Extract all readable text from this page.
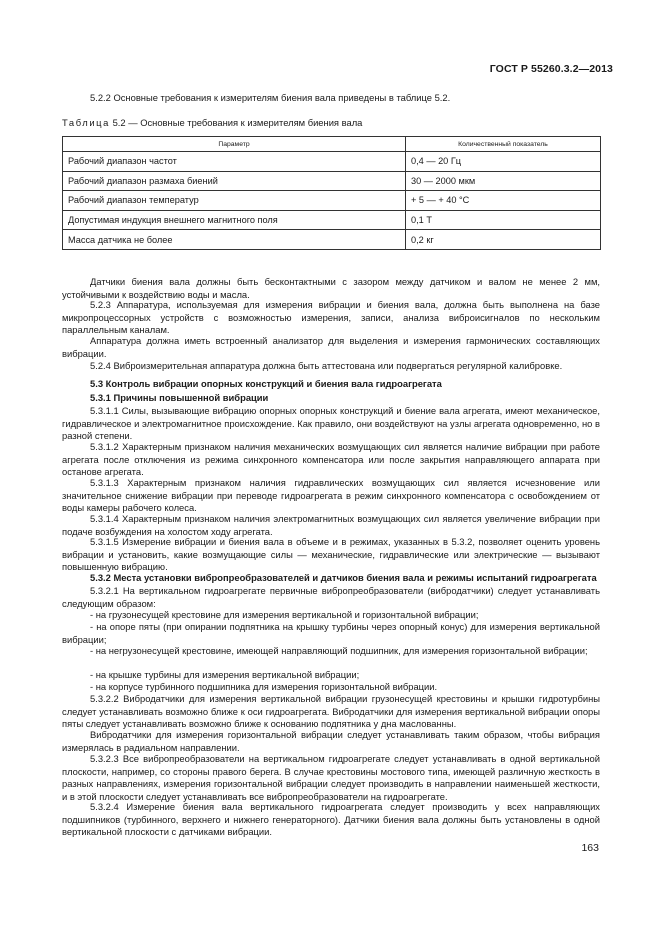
ГОСТ Р 55260.3.2—2013
5.2.2 Основные требования к измерителям биения вала приведены в таблице 5.2.
Таблица 5.2 — Основные требования к измерителям биения вала
Параметр	Количественный показатель
Рабочий диапазон частот	0,4 — 20 Гц
Рабочий диапазон размаха биений	30 — 2000 мкм
Рабочий диапазон температур	+ 5 — + 40 °С
Допустимая индукция внешнего магнитного поля	0,1 Т
Масса датчика не более	0,2 кг
Датчики биения вала должны быть бесконтактными с зазором между датчиком и валом не менее 2 мм, устойчивыми к воздействию воды и масла.
5.2.3 Аппаратура, используемая для измерения вибрации и биения вала, должна быть выполнена на базе микропроцессорных устройств с возможностью измерения, записи, анализа виброисигналов по нескольким параллельным каналам.
Аппаратура должна иметь встроенный анализатор для выделения и измерения гармонических составляющих вибрации.
5.2.4 Виброизмерительная аппаратура должна быть аттестована или подвергаться регулярной калибровке.
5.3 Контроль вибрации опорных конструкций и биения вала гидроагрегата
5.3.1 Причины повышенной вибрации
5.3.1.1 Силы, вызывающие вибрацию опорных опорных конструкций и биение вала агрегата, имеют механическое, гидравлическое и электромагнитное происхождение. Как правило, они воздействуют на узлы агрегата одновременно, но в разной степени.
5.3.1.2 Характерным признаком наличия механических возмущающих сил является наличие вибрации при работе агрегата после отключения из режима синхронного компенсатора или после закрытия направляющего аппарата при останове агрегата.
5.3.1.3 Характерным признаком наличия гидравлических возмущающих сил является исчезновение или значительное снижение вибрации при переводе гидроагрегата в режим синхронного компенсатора с освобождением от воды камеры рабочего колеса.
5.3.1.4 Характерным признаком наличия электромагнитных возмущающих сил является увеличение вибрации при подаче возбуждения на холостом ходу агрегата.
5.3.1.5 Измерение вибрации и биения вала в объеме и в режимах, указанных в 5.3.2, позволяет оценить уровень вибрации и установить, какие возмущающие силы — механические, гидравлические или электрические — вызывают повышенную вибрацию.
5.3.2 Места установки вибропреобразователей и датчиков биения вала и режимы испытаний гидроагрегата
5.3.2.1 На вертикальном гидроагрегате первичные вибропреобразователи (вибродатчики) следует устанавливать следующим образом:
- на грузонесущей крестовине для измерения вертикальной и горизонтальной вибрации;
- на опоре пяты (при опирании подпятника на крышку турбины через опорный конус) для измерения вертикальной вибрации;
- на негрузонесущей крестовине, имеющей направляющий подшипник, для измерения горизонтальной вибрации;
- на крышке турбины для измерения вертикальной вибрации;
- на корпусе турбинного подшипника для измерения горизонтальной вибрации.
5.3.2.2 Вибродатчики для измерения вертикальной вибрации грузонесущей крестовины и крышки гидротурбины следует устанавливать возможно ближе к оси гидроагрегата. Вибродатчики для измерения вертикальной вибрации опоры пяты следует устанавливать возможно ближе к основанию подпятника у дна маслованны.
Вибродатчики для измерения горизонтальной вибрации следует устанавливать таким образом, чтобы вибрация измерялась в радиальном направлении.
5.3.2.3 Все вибропреобразователи на вертикальном гидроагрегате следует устанавливать в одной вертикальной плоскости, например, со стороны правого берега. В случае крестовины мостового типа, имеющей различную жесткость в разных направлениях, измерения горизонтальной вибрации следует производить в направлении наименьшей жесткости, и в этой плоскости следует устанавливать все вибропреобразователи на гидроагрегате.
5.3.2.4 Измерение биения вала вертикального гидроагрегата следует производить у всех направляющих подшипников (турбинного, верхнего и нижнего генераторного). Датчики биения вала должны быть установлены в одной вертикальной плоскости с датчиками вибрации.
163
